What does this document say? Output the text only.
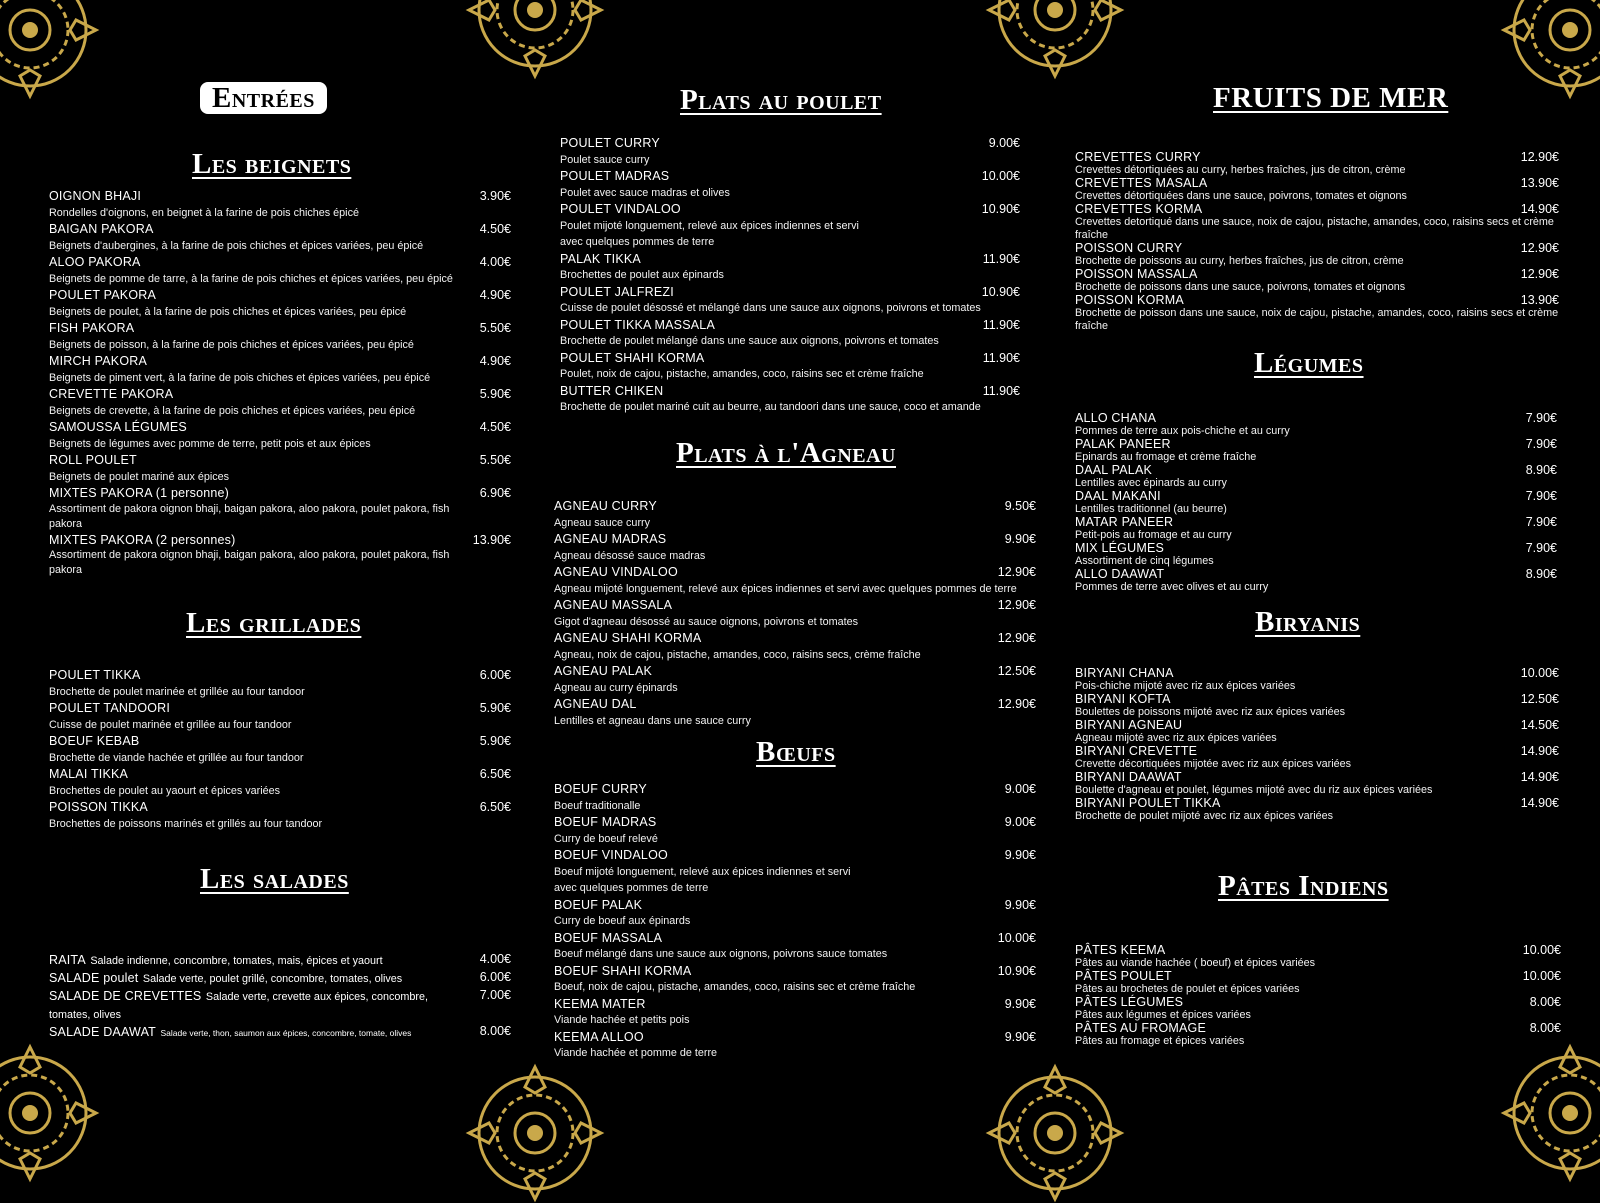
Entrées
Les beignets
OIGNON BHAJI	3.90€
Rondelles d'oignons, en beignet à la farine de pois chiches épicé
BAIGAN PAKORA	4.50€
Beignets d'aubergines, à la farine de pois chiches et épices variées, peu épicé
ALOO PAKORA	4.00€
Beignets de pomme de tarre, à la farine de pois chiches et épices variées, peu épicé
POULET PAKORA	4.90€
Beignets de poulet, à la farine de pois chiches et épices variées, peu épicé
FISH PAKORA	5.50€
Beignets de poisson, à la farine de pois chiches et épices variées, peu épicé
MIRCH PAKORA	4.90€
Beignets de piment vert, à la farine de pois chiches et épices variées, peu épicé
CREVETTE PAKORA	5.90€
Beignets de crevette, à la farine de pois chiches et épices variées, peu épicé
SAMOUSSA LÉGUMES	4.50€
Beignets de légumes avec pomme de terre, petit pois et aux épices
ROLL POULET	5.50€
Beignets de poulet mariné aux épices
MIXTES PAKORA (1 personne)	6.90€
Assortiment de pakora oignon bhaji, baigan pakora, aloo pakora, poulet pakora, fish pakora
MIXTES PAKORA (2 personnes)	13.90€
Assortiment de pakora oignon bhaji, baigan pakora, aloo pakora, poulet pakora, fish pakora
Les grillades
POULET TIKKA	6.00€
Brochette de poulet marinée et grillée au four tandoor
POULET TANDOORI	5.90€
Cuisse de poulet marinée et grillée au four tandoor
BOEUF KEBAB	5.90€
Brochette de viande hachée et grillée au four tandoor
MALAI TIKKA	6.50€
Brochettes de poulet au yaourt et épices variées
POISSON TIKKA	6.50€
Brochettes de poissons marinés et grillés au four tandoor
Les salades
RAITA Salade indienne, concombre, tomates, mais, épices et yaourt	4.00€
SALADE poulet Salade verte, poulet grillé, concombre, tomates, olives	6.00€
SALADE DE CREVETTES Salade verte, crevette aux épices, concombre, tomates, olives
7.00€
SALADE DAAWAT Salade verte, thon, saumon aux épices, concombre, tomate, olives	8.00€
Plats au poulet
POULET CURRY	9.00€
Poulet sauce curry
POULET MADRAS	10.00€
Poulet avec sauce madras et olives
POULET VINDALOO	10.90€
Poulet mijoté longuement, relevé aux épices indiennes et servi avec quelques pommes de terre
PALAK TIKKA	11.90€
Brochettes de poulet aux épinards
POULET JALFREZI	10.90€
Cuisse de poulet désossé et mélangé dans une sauce aux oignons, poivrons et tomates
POULET TIKKA MASSALA	11.90€
Brochette de poulet mélangé dans une sauce aux oignons, poivrons et tomates
POULET SHAHI KORMA	11.90€
Poulet, noix de cajou, pistache, amandes, coco, raisins sec et crème fraîche
BUTTER CHIKEN	11.90€
Brochette de poulet mariné cuit au beurre, au tandoori dans une sauce, coco et amande
Plats à l'Agneau
AGNEAU CURRY	9.50€
Agneau sauce curry
AGNEAU MADRAS	9.90€
Agneau désossé sauce madras
AGNEAU VINDALOO	12.90€
Agneau mijoté longuement, relevé aux épices indiennes et servi avec quelques pommes de terre
AGNEAU MASSALA	12.90€
Gigot d'agneau désossé au sauce oignons, poivrons et tomates
AGNEAU SHAHI KORMA	12.90€
Agneau, noix de cajou, pistache, amandes, coco, raisins secs, crème fraîche
AGNEAU PALAK	12.50€
Agneau au curry épinards
AGNEAU DAL	12.90€
Lentilles et agneau dans une sauce curry
Bœufs
BOEUF CURRY	9.00€
Boeuf traditionalle
BOEUF MADRAS	9.00€
Curry de boeuf relevé
BOEUF VINDALOO	9.90€
Boeuf mijoté longuement, relevé aux épices indiennes et servi avec quelques pommes de terre
BOEUF PALAK	9.90€
Curry de boeuf aux épinards
BOEUF MASSALA	10.00€
Boeuf mélangé dans une sauce aux oignons, poivrons sauce tomates
BOEUF SHAHI KORMA	10.90€
Boeuf, noix de cajou, pistache, amandes, coco, raisins sec et crème fraîche
KEEMA MATER	9.90€
Viande hachée et petits pois
KEEMA ALLOO	9.90€
Viande hachée et pomme de terre
FRUITS DE MER
CREVETTES CURRY	12.90€
Crevettes détortiquées au curry, herbes fraîches, jus de citron, crème
CREVETTES MASALA	13.90€
Crevettes détortiquées dans une sauce, poivrons, tomates et oignons
CREVETTES KORMA	14.90€
Crevettes detortiqué dans une sauce, noix de cajou, pistache, amandes, coco, raisins secs et crème fraîche
POISSON CURRY	12.90€
Brochette de poissons au curry, herbes fraîches, jus de citron, crème
POISSON MASSALA	12.90€
Brochette de poissons dans une sauce, poivrons, tomates et oignons
POISSON KORMA	13.90€
Brochette de poisson dans une sauce, noix de cajou, pistache, amandes, coco, raisins secs et crème fraîche
Légumes
ALLO CHANA	7.90€
Pommes de terre aux pois-chiche et au curry
PALAK PANEER	7.90€
Epinards au fromage et crème fraîche
DAAL PALAK	8.90€
Lentilles avec épinards au curry
DAAL MAKANI	7.90€
Lentilles traditionnel (au beurre)
MATAR PANEER	7.90€
Petit-pois au fromage et au curry
MIX LÉGUMES	7.90€
Assortiment de cinq légumes
ALLO DAAWAT	8.90€
Pommes de terre avec olives et au curry
Biryanis
BIRYANI CHANA	10.00€
Pois-chiche mijoté avec riz aux épices variées
BIRYANI KOFTA	12.50€
Boulettes de poissons mijoté avec riz aux épices variées
BIRYANI AGNEAU	14.50€
Agneau mijoté avec riz aux épices variées
BIRYANI CREVETTE	14.90€
Crevette décortiquées mijotée avec riz aux épices variées
BIRYANI DAAWAT	14.90€
Boulette d'agneau et poulet, légumes mijoté avec du riz aux épices variées
BIRYANI POULET TIKKA	14.90€
Brochette de poulet mijoté avec riz aux épices variées
Pâtes Indiens
PÂTES KEEMA	10.00€
Pâtes au viande hachée ( boeuf) et épices variées
PÂTES POULET	10.00€
Pâtes au brochetes de poulet et épices variées
PÂTES LÉGUMES	8.00€
Pâtes aux légumes et épices variées
PÂTES AU FROMAGE	8.00€
Pâtes au fromage et épices variées
